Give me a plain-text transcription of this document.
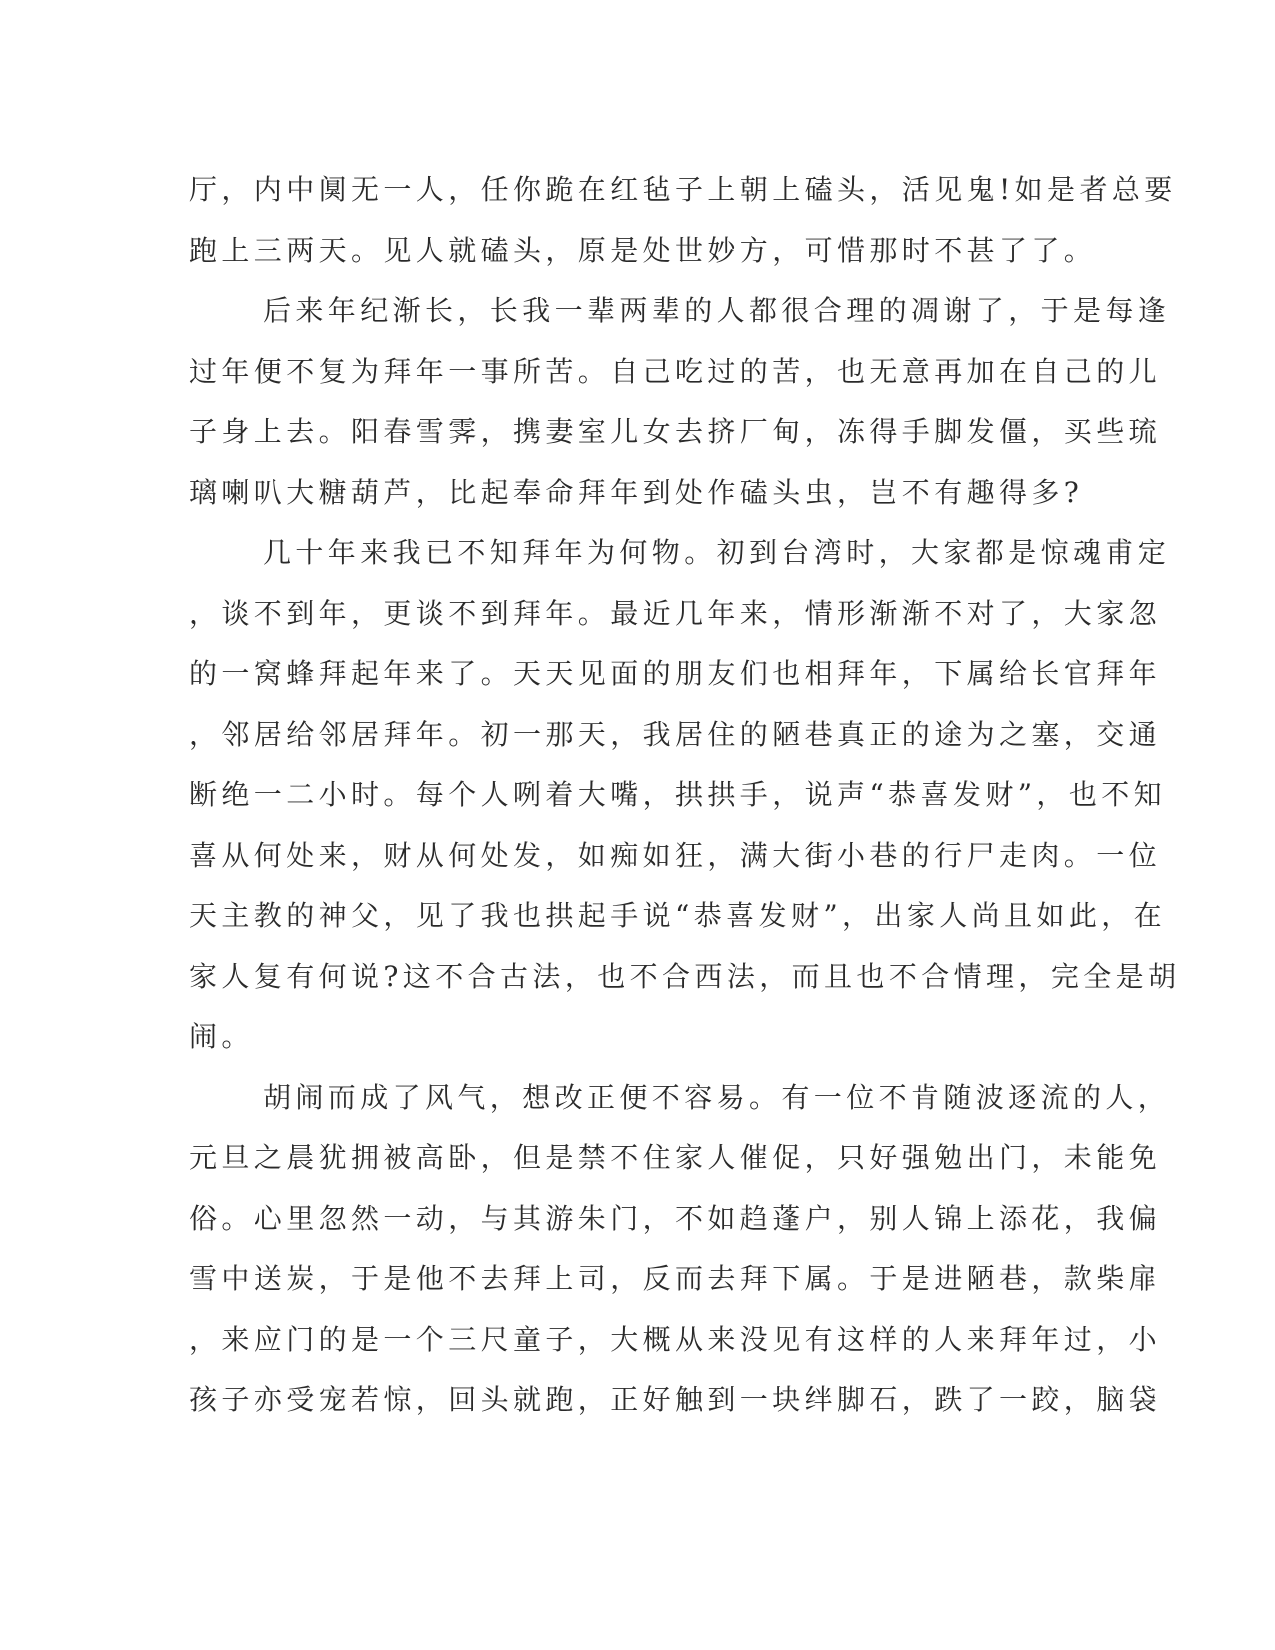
厅，内中阒无一人，任你跪在红毡子上朝上磕头，活见鬼!如是者总要
跑上三两天。见人就磕头，原是处世妙方，可惜那时不甚了了。
后来年纪渐长，长我一辈两辈的人都很合理的凋谢了，于是每逢
过年便不复为拜年一事所苦。自己吃过的苦，也无意再加在自己的儿
子身上去。阳春雪霁，携妻室儿女去挤厂甸，冻得手脚发僵，买些琉
璃喇叭大糖葫芦，比起奉命拜年到处作磕头虫，岂不有趣得多?
几十年来我已不知拜年为何物。初到台湾时，大家都是惊魂甫定
，谈不到年，更谈不到拜年。最近几年来，情形渐渐不对了，大家忽
的一窝蜂拜起年来了。天天见面的朋友们也相拜年，下属给长官拜年
，邻居给邻居拜年。初一那天，我居住的陋巷真正的途为之塞，交通
断绝一二小时。每个人咧着大嘴，拱拱手，说声“恭喜发财”，也不知
喜从何处来，财从何处发，如痴如狂，满大街小巷的行尸走肉。一位
天主教的神父，见了我也拱起手说“恭喜发财”，出家人尚且如此，在
家人复有何说?这不合古法，也不合西法，而且也不合情理，完全是胡
闹。
胡闹而成了风气，想改正便不容易。有一位不肯随波逐流的人，
元旦之晨犹拥被高卧，但是禁不住家人催促，只好强勉出门，未能免
俗。心里忽然一动，与其游朱门，不如趋蓬户，别人锦上添花，我偏
雪中送炭，于是他不去拜上司，反而去拜下属。于是进陋巷，款柴扉
，来应门的是一个三尺童子，大概从来没见有这样的人来拜年过，小
孩子亦受宠若惊，回头就跑，正好触到一块绊脚石，跌了一跤，脑袋
